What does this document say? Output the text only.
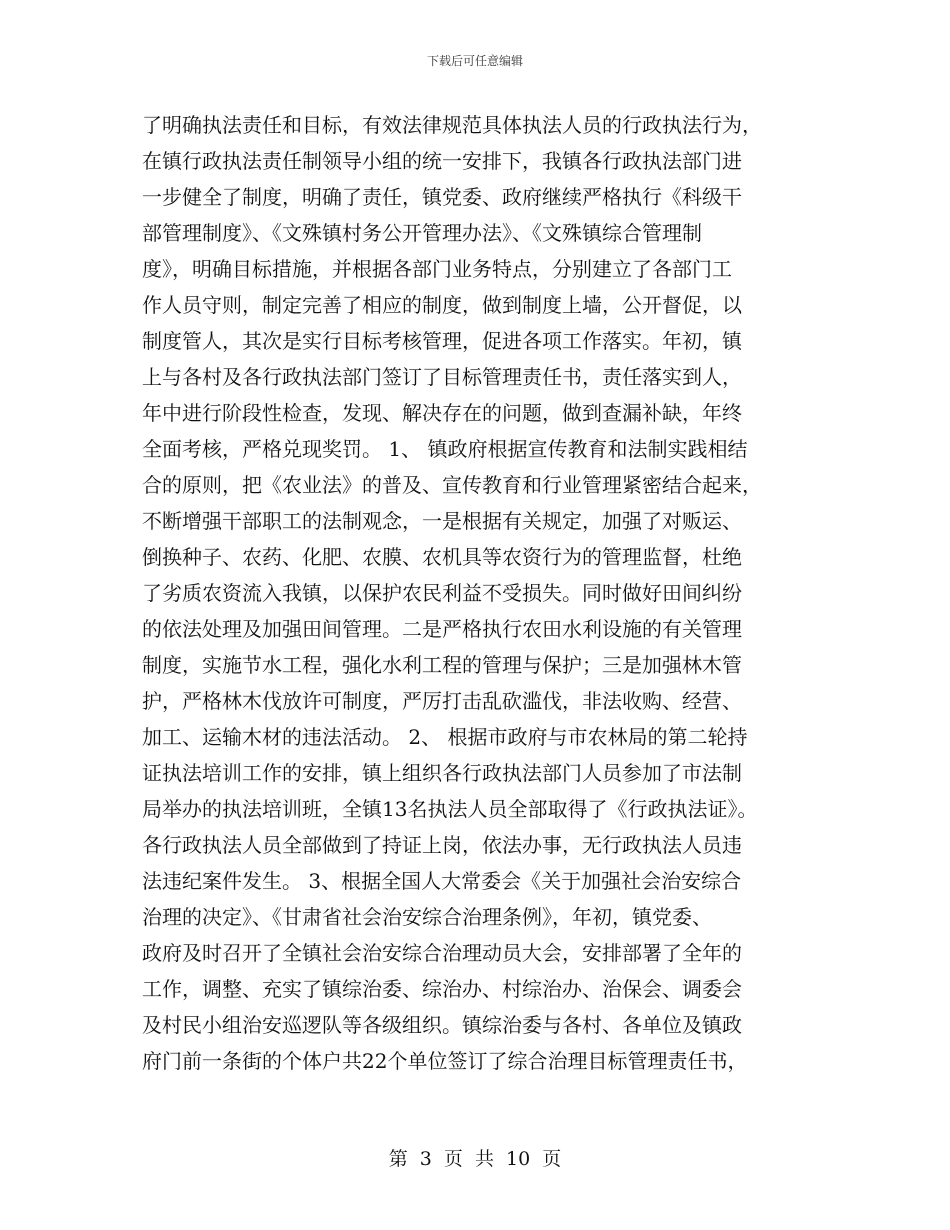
下载后可任意编辑
了明确执法责任和目标，有效法律规范具体执法人员的行政执法行为，
在镇行政执法责任制领导小组的统一安排下，我镇各行政执法部门进
一步健全了制度，明确了责任，镇党委、政府继续严格执行《科级干
部管理制度》、《文殊镇村务公开管理办法》、《文殊镇综合管理制
度》，明确目标措施，并根据各部门业务特点，分别建立了各部门工
作人员守则，制定完善了相应的制度，做到制度上墙，公开督促，以
制度管人，其次是实行目标考核管理，促进各项工作落实。年初，镇
上与各村及各行政执法部门签订了目标管理责任书，责任落实到人，
年中进行阶段性检查，发现、解决存在的问题，做到查漏补缺，年终
全面考核，严格兑现奖罚。 1、 镇政府根据宣传教育和法制实践相结
合的原则，把《农业法》的普及、宣传教育和行业管理紧密结合起来，
不断增强干部职工的法制观念，一是根据有关规定，加强了对贩运、
倒换种子、农药、化肥、农膜、农机具等农资行为的管理监督，杜绝
了劣质农资流入我镇，以保护农民利益不受损失。同时做好田间纠纷
的依法处理及加强田间管理。二是严格执行农田水利设施的有关管理
制度，实施节水工程，强化水利工程的管理与保护；三是加强林木管
护，严格林木伐放许可制度，严厉打击乱砍滥伐，非法收购、经营、
加工、运输木材的违法活动。 2、 根据市政府与市农林局的第二轮持
证执法培训工作的安排，镇上组织各行政执法部门人员参加了市法制
局举办的执法培训班，全镇13名执法人员全部取得了《行政执法证》。
各行政执法人员全部做到了持证上岗，依法办事，无行政执法人员违
法违纪案件发生。 3、根据全国人大常委会《关于加强社会治安综合
治理的决定》、《甘肃省社会治安综合治理条例》，年初，镇党委、
政府及时召开了全镇社会治安综合治理动员大会，安排部署了全年的
工作，调整、充实了镇综治委、综治办、村综治办、治保会、调委会
及村民小组治安巡逻队等各级组织。镇综治委与各村、各单位及镇政
府门前一条街的个体户共22个单位签订了综合治理目标管理责任书，
第 3 页 共 10 页
